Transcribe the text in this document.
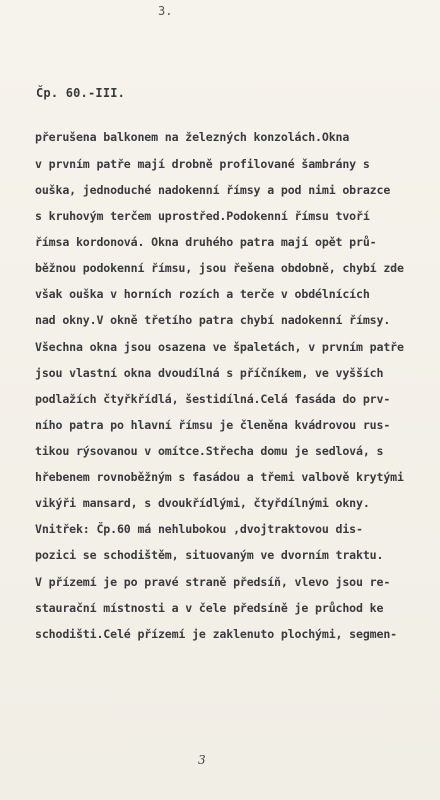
3.
Čp. 60.-III.
přerušena balkonem na železných konzolách.Okna
v prvním patře mají drobně profilované šambrány s
ouška, jednoduché nadokenní římsy a pod nimi obrazce
s kruhovým terčem uprostřed.Podokenní římsu tvoří
římsa kordonová. Okna druhého patra mají opět prů-
běžnou podokenní římsu, jsou řešena obdobně, chybí zde
však ouška v horních rozích a terče v obdélnících
nad okny.V okně třetího patra chybí nadokenní římsy.
Všechna okna jsou osazena ve špaletách, v prvním patře
jsou vlastní okna dvoudílná s příčníkem, ve vyšších
podlažích čtyřkřídlá, šestidílná.Celá fasáda do prv-
ního patra po hlavní římsu je členěna kvádrovou rus-
tikou rýsovanou v omítce.Střecha domu je sedlová, s
hřebenem rovnoběžným s fasádou a třemi valbově krytými
vikýři mansard, s dvoukřídlými, čtyřdílnými okny.
Vnitřek: Čp.60 má nehlubokou ,dvojtraktovou dis-
pozici se schodištěm, situovaným ve dvorním traktu.
V přízemí je po pravé straně předsíň, vlevo jsou re-
staurační místnosti a v čele předsíně je průchod ke
schodišti.Celé přízemí je zaklenuto plochými, segmen-
3
